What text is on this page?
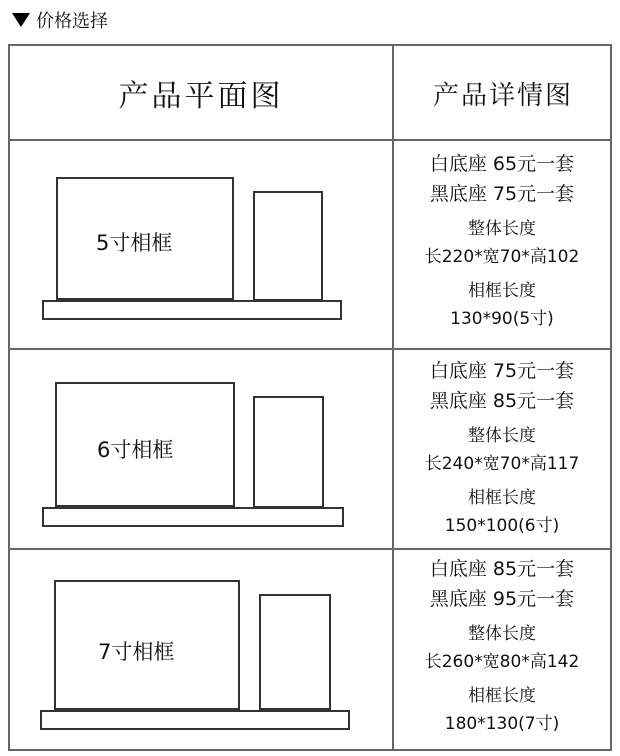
价格选择
产品平面图	产品详情图
5寸相框
白底座 65元一套
黑底座 75元一套
整体长度
长220*宽70*高102
相框长度
130*90(5寸)
6寸相框
白底座 75元一套
黑底座 85元一套
整体长度
长240*宽70*高117
相框长度
150*100(6寸)
7寸相框
白底座 85元一套
黑底座 95元一套
整体长度
长260*宽80*高142
相框长度
180*130(7寸)
